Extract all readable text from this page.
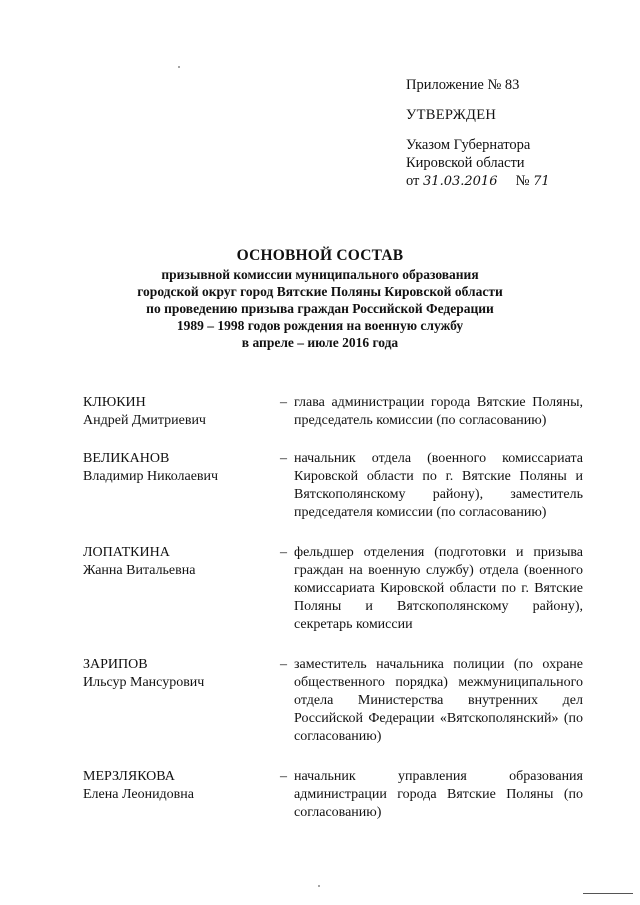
Приложение № 83
УТВЕРЖДЕН
Указом Губернатора
Кировской области
от 31.03.2016 № 71
ОСНОВНОЙ СОСТАВ
призывной комиссии муниципального образования
городской округ город Вятские Поляны Кировской области
по проведению призыва граждан Российской Федерации
1989 – 1998 годов рождения на военную службу
в апреле – июле 2016 года
КЛЮКИН
Андрей Дмитриевич
– глава администрации города Вятские Поляны, председатель комиссии (по согласованию)
ВЕЛИКАНОВ
Владимир Николаевич
– начальник отдела (военного комиссариата Кировской области по г. Вятские Поляны и Вятскополянскому району), заместитель председателя комиссии (по согласованию)
ЛОПАТКИНА
Жанна Витальевна
– фельдшер отделения (подготовки и призыва граждан на военную службу) отдела (военного комиссариата Кировской области по г. Вятские Поляны и Вятскополянскому району), секретарь комиссии
ЗАРИПОВ
Ильсур Мансурович
– заместитель начальника полиции (по охране общественного порядка) межмуниципального отдела Министерства внутренних дел Российской Федерации «Вятскополянский» (по согласованию)
МЕРЗЛЯКОВА
Елена Леонидовна
– начальник управления образования администрации города Вятские Поляны (по согласованию)
